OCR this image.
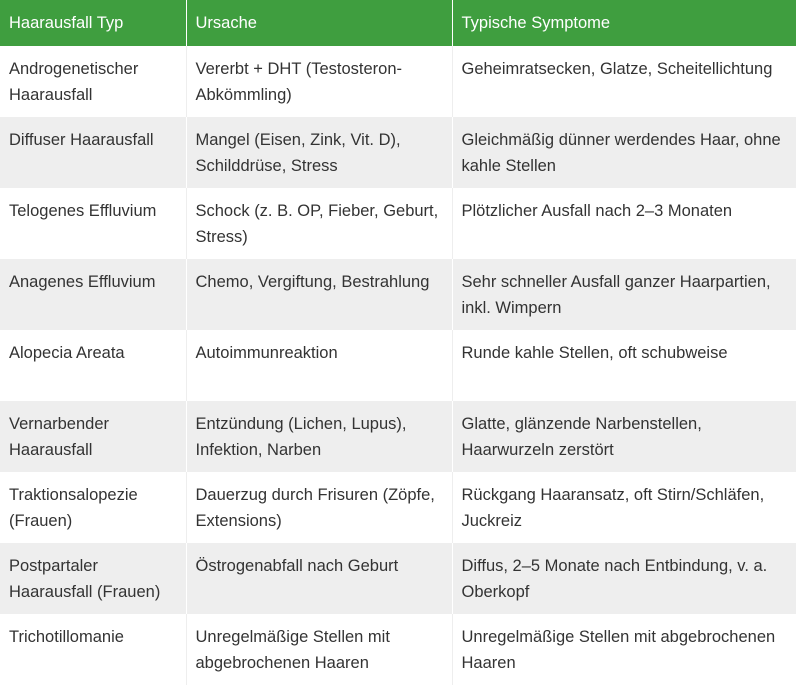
Haarausfall Typ	Ursache	Typische Symptome
Androgenetischer Haarausfall	Vererbt + DHT (Testosteron-Abkömmling)	Geheimratsecken, Glatze, Scheitellichtung
Diffuser Haarausfall	Mangel (Eisen, Zink, Vit. D), Schilddrüse, Stress	Gleichmäßig dünner werdendes Haar, ohne kahle Stellen
Telogenes Effluvium	Schock (z. B. OP, Fieber, Geburt, Stress)	Plötzlicher Ausfall nach 2–3 Monaten
Anagenes Effluvium	Chemo, Vergiftung, Bestrahlung	Sehr schneller Ausfall ganzer Haarpartien, inkl. Wimpern
Alopecia Areata	Autoimmunreaktion	Runde kahle Stellen, oft schubweise
Vernarbender Haarausfall	Entzündung (Lichen, Lupus), Infektion, Narben	Glatte, glänzende Narbenstellen, Haarwurzeln zerstört
Traktionsalopezie (Frauen)	Dauerzug durch Frisuren (Zöpfe, Extensions)	Rückgang Haaransatz, oft Stirn/Schläfen, Juckreiz
Postpartaler Haarausfall (Frauen)	Östrogenabfall nach Geburt	Diffus, 2–5 Monate nach Entbindung, v. a. Oberkopf
Trichotillomanie	Unregelmäßige Stellen mit abgebrochenen Haaren	Unregelmäßige Stellen mit abgebrochenen Haaren
